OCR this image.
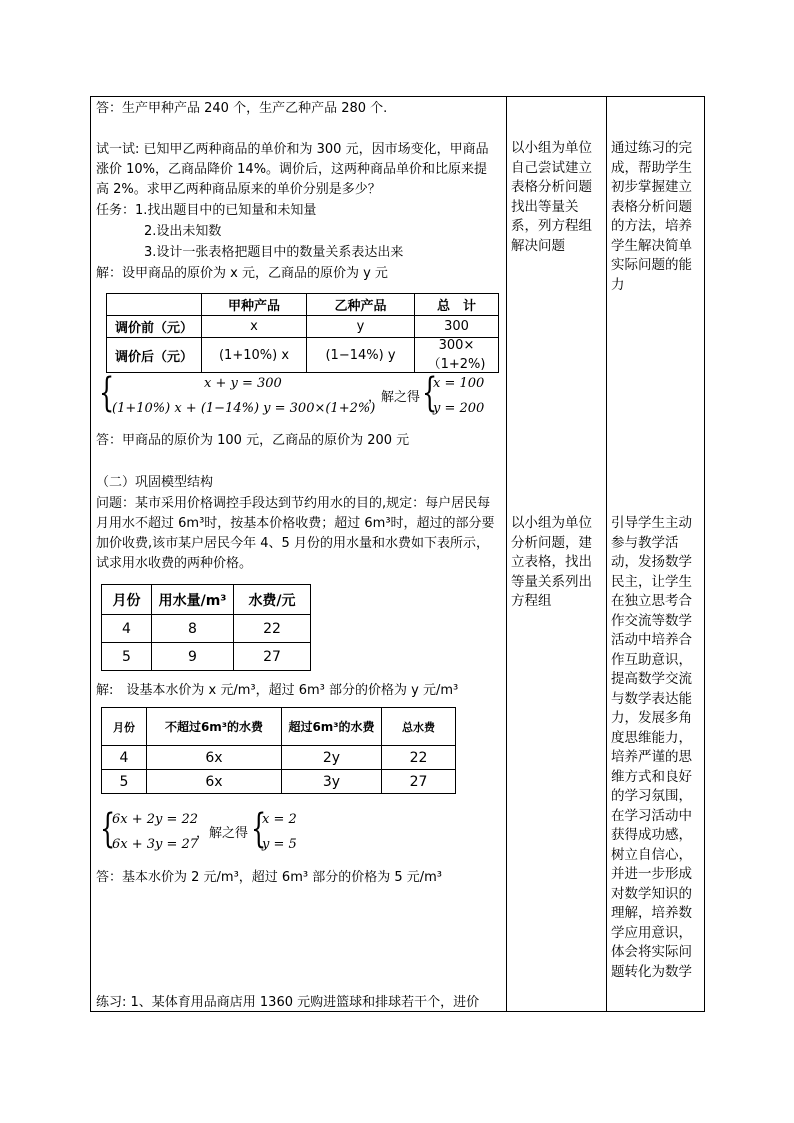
答：生产甲种产品 240 个，生产乙种产品 280 个.
试一试: 已知甲乙两种商品的单价和为 300 元，因市场变化，甲商品涨价 10%，乙商品降价 14%。调价后，这两种商品单价和比原来提高 2%。求甲乙两种商品原来的单价分别是多少？
任务：1.找出题目中的已知量和未知量
2.设出未知数
3.设计一张表格把题目中的数量关系表达出来
解：设甲商品的原价为 x 元，乙商品的原价为 y 元
	甲种产品	乙种产品	总　计
调价前（元）	x	y	300
调价后（元）	(1+10%) x	(1−14%) y	300×（1+2%)
{	x + y = 300
(1+10%) x + (1−14%) y = 300×(1+2%)
，解之得 {
x = 100
y = 200
答：甲商品的原价为 100 元，乙商品的原价为 200 元
（二）巩固模型结构
问题：某市采用价格调控手段达到节约用水的目的,规定：每户居民每月用水不超过 6m³时，按基本价格收费；超过 6m³时，超过的部分要加价收费,该市某户居民今年 4、5 月份的用水量和水费如下表所示，试求用水收费的两种价格。
月份	用水量/m³	水费/元
4	8	22
5	9	27
解:　设基本水价为 x 元/m³，超过 6m³ 部分的价格为 y 元/m³
月份	不超过6m³的水费	超过6m³的水费	总水费
4	6x	2y	22
5	6x	3y	27
{
6x + 2y = 22
6x + 3y = 27
，解之得 {
x = 2
y = 5
答：基本水价为 2 元/m³，超过 6m³ 部分的价格为 5 元/m³
练习: 1、某体育用品商店用 1360 元购进篮球和排球若干个，进价
以小组为单位自己尝试建立表格分析问题找出等量关系，列方程组解决问题
以小组为单位分析问题，建立表格，找出等量关系列出方程组
通过练习的完成，帮助学生初步掌握建立表格分析问题的方法，培养学生解决简单实际问题的能力
引导学生主动参与教学活动，发扬数学民主，让学生在独立思考合作交流等数学活动中培养合作互助意识，提高数学交流与数学表达能力，发展多角度思维能力，培养严谨的思维方式和良好的学习氛围，在学习活动中获得成功感，树立自信心，并进一步形成对数学知识的理解，培养数学应用意识，体会将实际问题转化为数学
